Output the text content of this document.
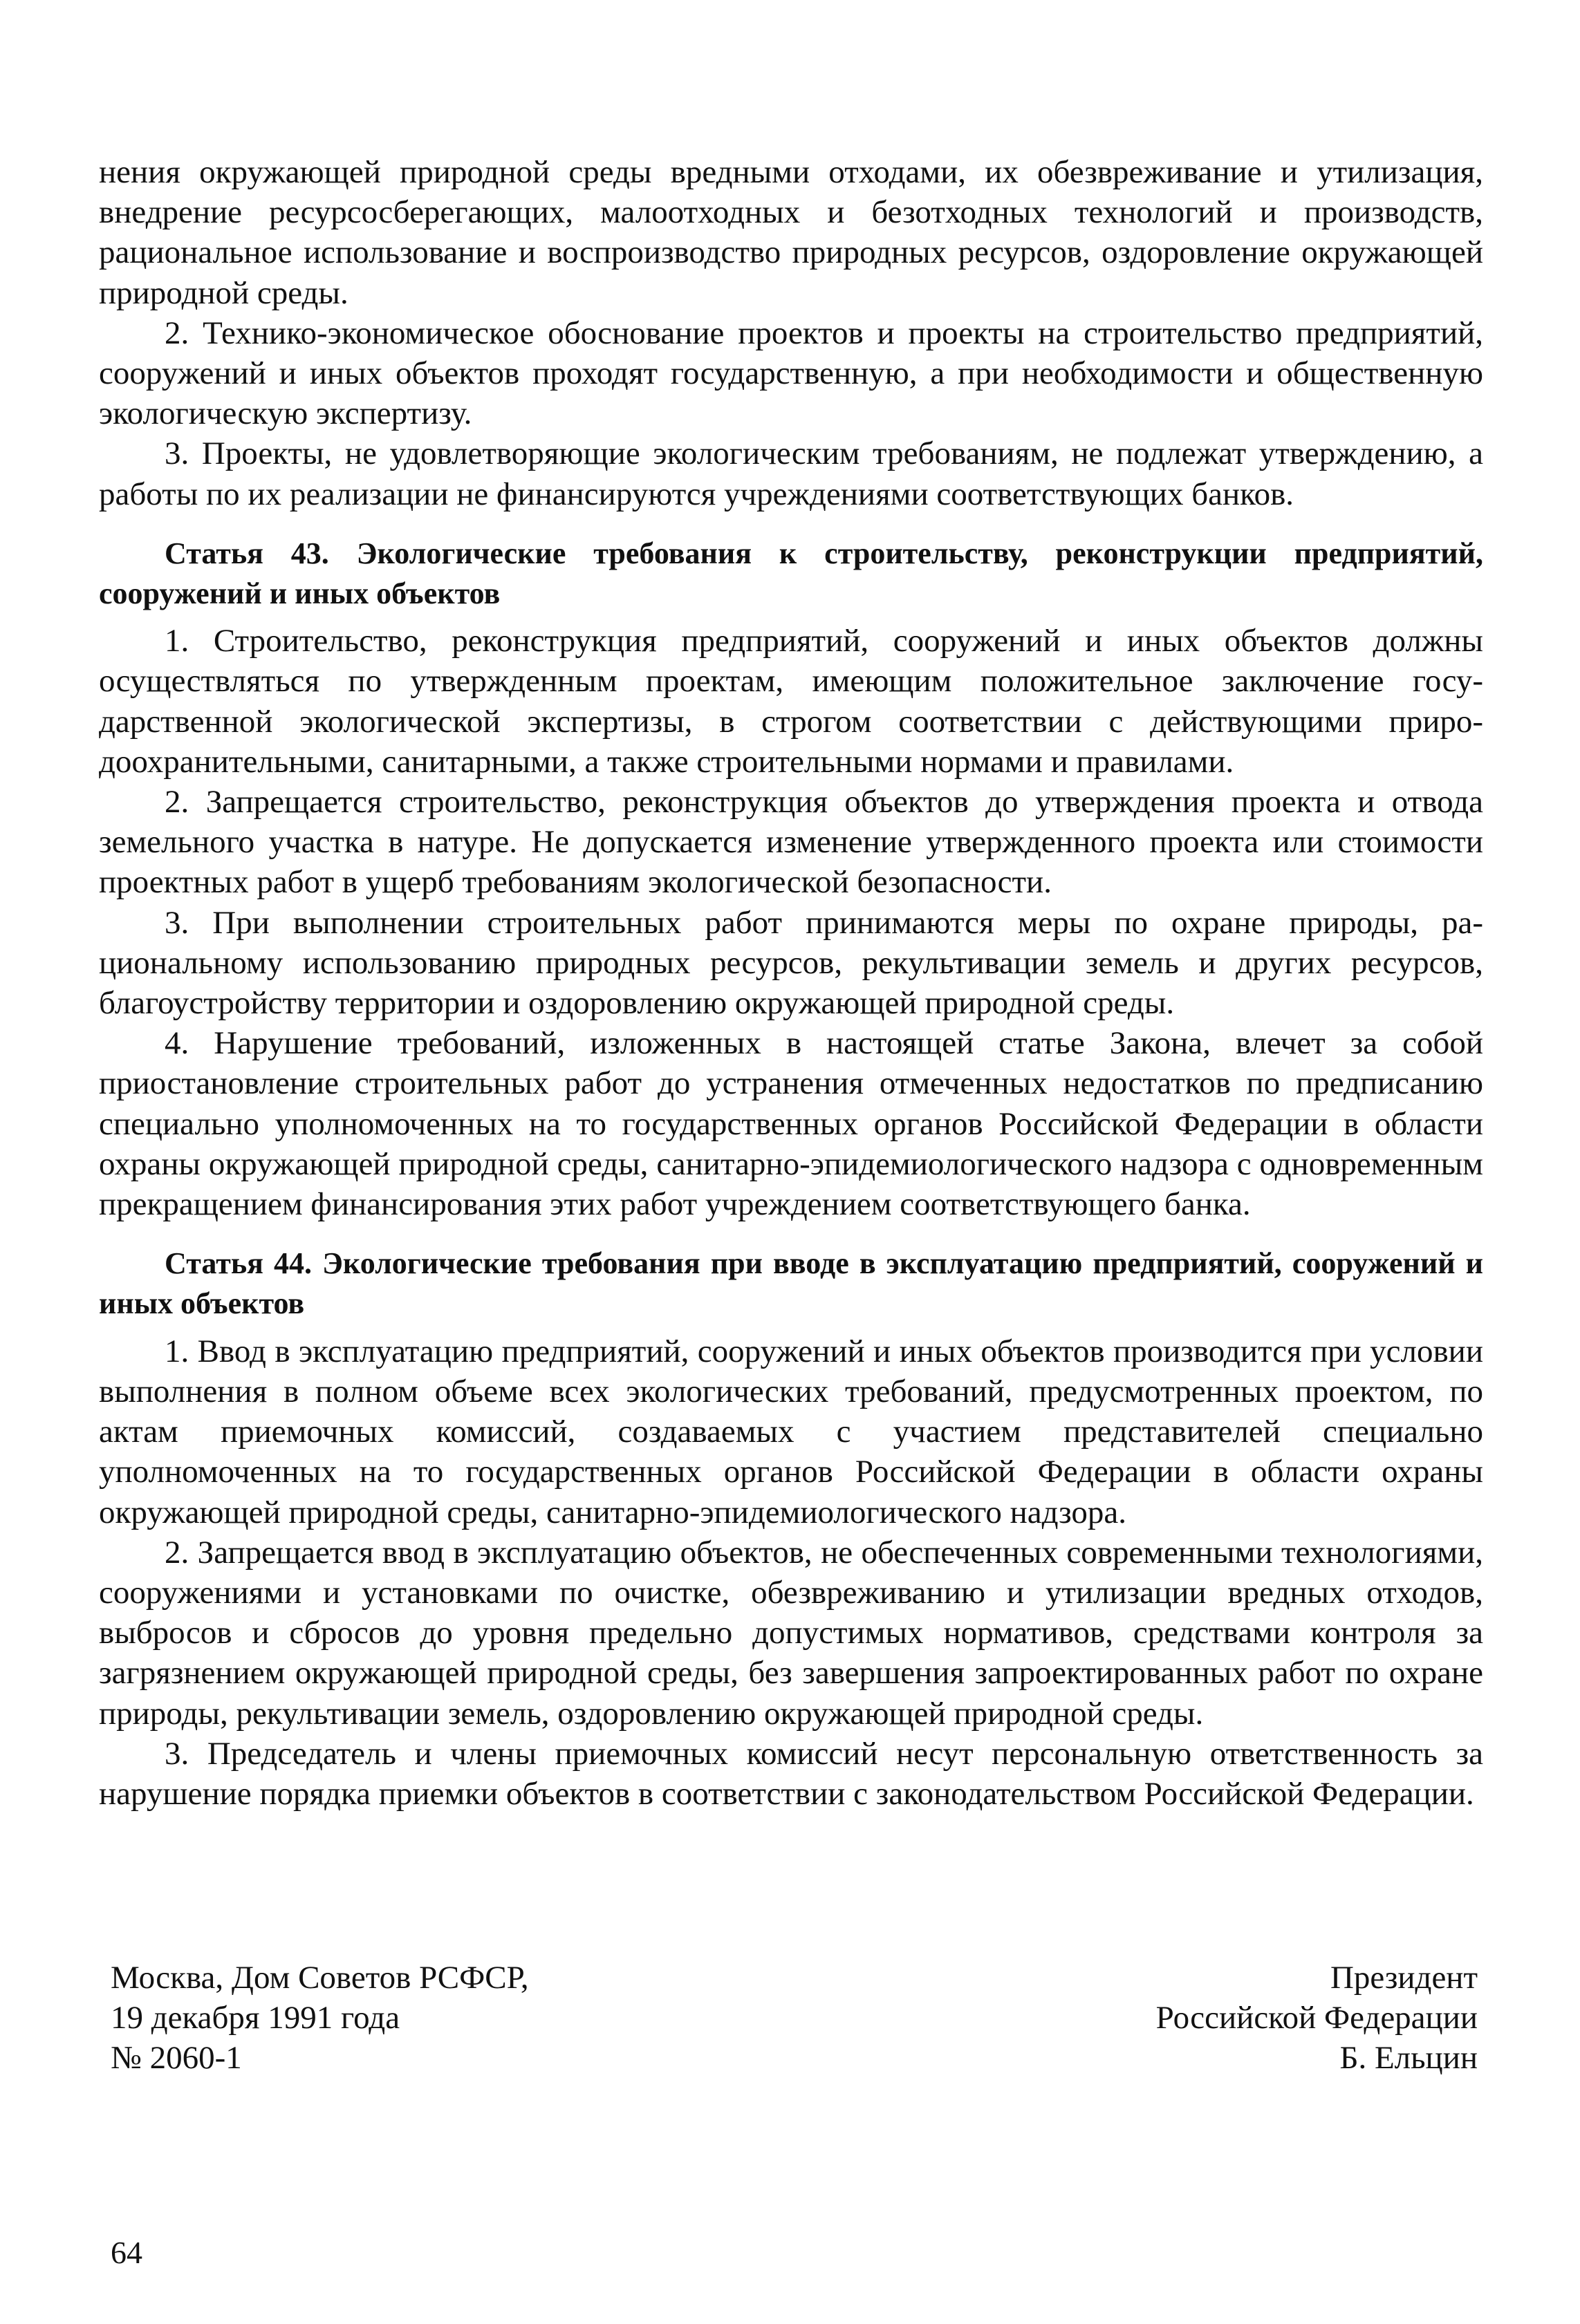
нения окружающей природной среды вредными отходами, их обезвреживание и утилизация, внедрение ресурсосберегающих, малоотходных и безотходных технологий и производств, рациональное использование и воспроизводство природных ресурсов, оздоровление окружающей природной среды.

2. Технико-экономическое обоснование проектов и проекты на строительство предприятий, сооружений и иных объектов проходят государственную, а при необходимости и общественную экологическую экспертизу.

3. Проекты, не удовлетворяющие экологическим требованиям, не подлежат утверждению, а работы по их реализации не финансируются учреждениями соответствующих банков.

Статья 43. Экологические требования к строительству, реконструкции предприятий, сооружений и иных объектов

1. Строительство, реконструкция предприятий, сооружений и иных объектов должны осуществляться по утвержденным проектам, имеющим положительное заключение государственной экологической экспертизы, в строгом соответствии с действующими природоохранительными, санитарными, а также строительными нормами и правилами.

2. Запрещается строительство, реконструкция объектов до утверждения проекта и отвода земельного участка в натуре. Не допускается изменение утвержденного проекта или стоимости проектных работ в ущерб требованиям экологической безопасности.

3. При выполнении строительных работ принимаются меры по охране природы, рациональному использованию природных ресурсов, рекультивации земель и других ресурсов, благоустройству территории и оздоровлению окружающей природной среды.

4. Нарушение требований, изложенных в настоящей статье Закона, влечет за собой приостановление строительных работ до устранения отмеченных недостатков по предписанию специально уполномоченных на то государственных органов Российской Федерации в области охраны окружающей природной среды, санитарно-эпидемиологического надзора с одновременным прекращением финансирования этих работ учреждением соответствующего банка.

Статья 44. Экологические требования при вводе в эксплуатацию предприятий, сооружений и иных объектов

1. Ввод в эксплуатацию предприятий, сооружений и иных объектов производится при условии выполнения в полном объеме всех экологических требований, предусмотренных проектом, по актам приемочных комиссий, создаваемых с участием представителей специально уполномоченных на то государственных органов Российской Федерации в области охраны окружающей природной среды, санитарно-эпидемиологического надзора.

2. Запрещается ввод в эксплуатацию объектов, не обеспеченных современными технологиями, сооружениями и установками по очистке, обезвреживанию и утилизации вредных отходов, выбросов и сбросов до уровня предельно допустимых нормативов, средствами контроля за загрязнением окружающей природной среды, без завершения запроектированных работ по охране природы, рекультивации земель, оздоровлению окружающей природной среды.

3. Председатель и члены приемочных комиссий несут персональную ответственность за нарушение порядка приемки объектов в соответствии с законодательством Российской Федерации.

Москва, Дом Советов РСФСР,
19 декабря 1991 года
№ 2060-1
Президент
Российской Федерации
Б. Ельцин
64
